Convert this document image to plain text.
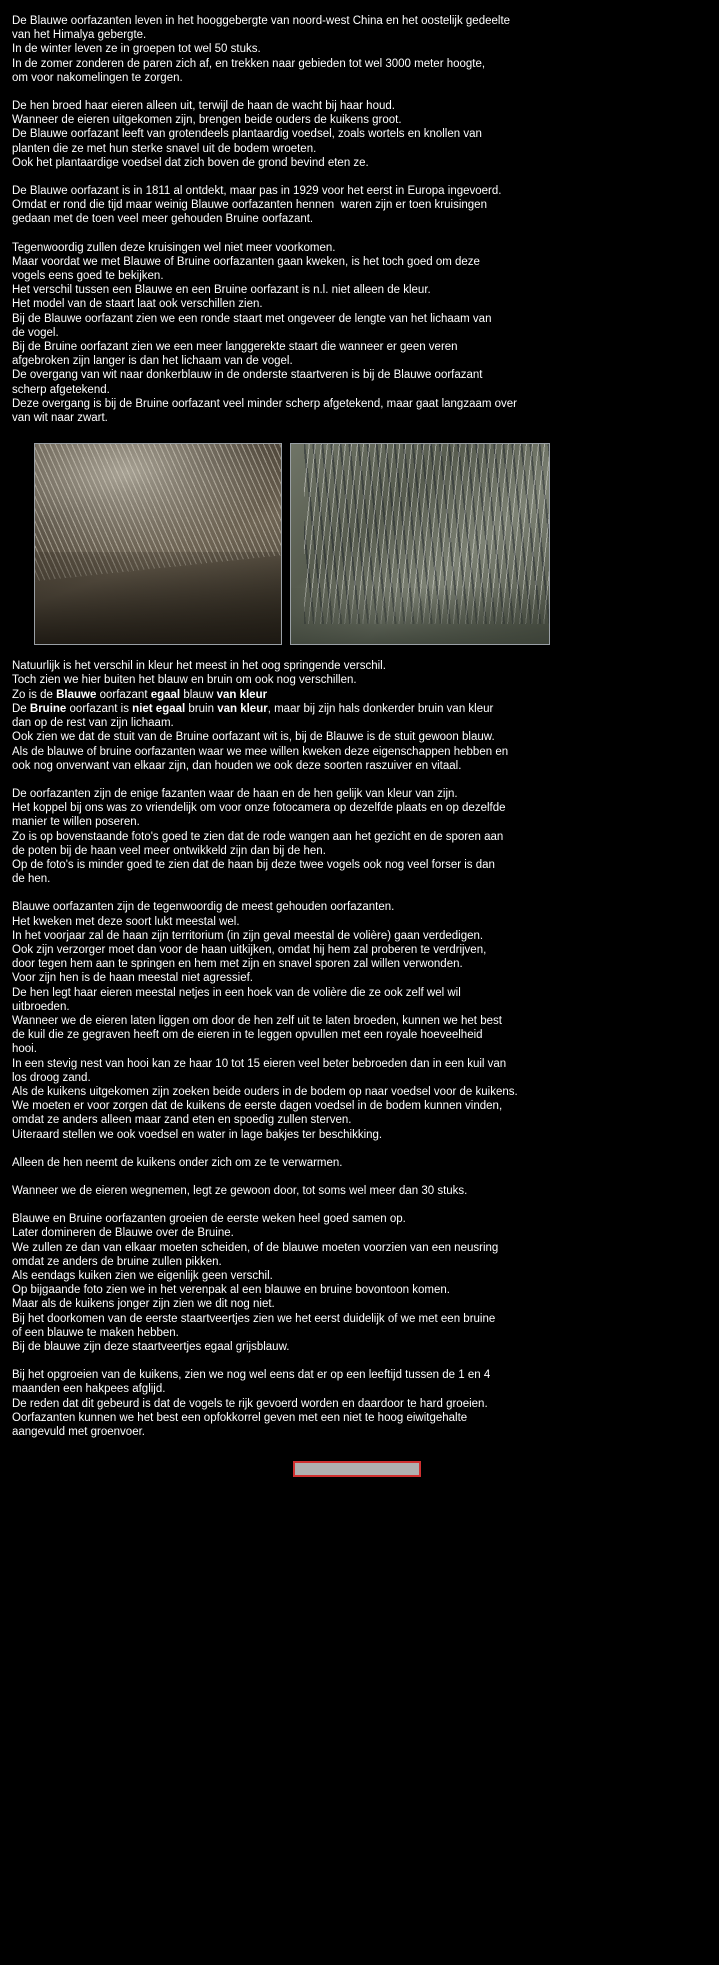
De Blauwe oorfazanten leven in het hooggebergte van noord-west China en het oostelijk gedeelte
van het Himalya gebergte.
In de winter leven ze in groepen tot wel 50 stuks.
In de zomer zonderen de paren zich af, en trekken naar gebieden tot wel 3000 meter hoogte,
om voor nakomelingen te zorgen.
De hen broed haar eieren alleen uit, terwijl de haan de wacht bij haar houd.
Wanneer de eieren uitgekomen zijn, brengen beide ouders de kuikens groot.
De Blauwe oorfazant leeft van grotendeels plantaardig voedsel, zoals wortels en knollen van
planten die ze met hun sterke snavel uit de bodem wroeten.
Ook het plantaardige voedsel dat zich boven de grond bevind eten ze.
De Blauwe oorfazant is in 1811 al ontdekt, maar pas in 1929 voor het eerst in Europa ingevoerd.
Omdat er rond die tijd maar weinig Blauwe oorfazanten hennen  waren zijn er toen kruisingen
gedaan met de toen veel meer gehouden Bruine oorfazant.
Tegenwoordig zullen deze kruisingen wel niet meer voorkomen.
Maar voordat we met Blauwe of Bruine oorfazanten gaan kweken, is het toch goed om deze
vogels eens goed te bekijken.
Het verschil tussen een Blauwe en een Bruine oorfazant is n.l. niet alleen de kleur.
Het model van de staart laat ook verschillen zien.
Bij de Blauwe oorfazant zien we een ronde staart met ongeveer de lengte van het lichaam van
de vogel.
Bij de Bruine oorfazant zien we een meer langgerekte staart die wanneer er geen veren
afgebroken zijn langer is dan het lichaam van de vogel.
De overgang van wit naar donkerblauw in de onderste staartveren is bij de Blauwe oorfazant
scherp afgetekend.
Deze overgang is bij de Bruine oorfazant veel minder scherp afgetekend, maar gaat langzaam over
van wit naar zwart.
Natuurlijk is het verschil in kleur het meest in het oog springende verschil.
Toch zien we hier buiten het blauw en bruin om ook nog verschillen.
Zo is de Blauwe oorfazant egaal blauw van kleur
De Bruine oorfazant is niet egaal bruin van kleur, maar bij zijn hals donkerder bruin van kleur
dan op de rest van zijn lichaam.
Ook zien we dat de stuit van de Bruine oorfazant wit is, bij de Blauwe is de stuit gewoon blauw.
Als de blauwe of bruine oorfazanten waar we mee willen kweken deze eigenschappen hebben en
ook nog onverwant van elkaar zijn, dan houden we ook deze soorten raszuiver en vitaal.
De oorfazanten zijn de enige fazanten waar de haan en de hen gelijk van kleur van zijn.
Het koppel bij ons was zo vriendelijk om voor onze fotocamera op dezelfde plaats en op dezelfde
manier te willen poseren.
Zo is op bovenstaande foto's goed te zien dat de rode wangen aan het gezicht en de sporen aan
de poten bij de haan veel meer ontwikkeld zijn dan bij de hen.
Op de foto's is minder goed te zien dat de haan bij deze twee vogels ook nog veel forser is dan
de hen.
Blauwe oorfazanten zijn de tegenwoordig de meest gehouden oorfazanten.
Het kweken met deze soort lukt meestal wel.
In het voorjaar zal de haan zijn territorium (in zijn geval meestal de volière) gaan verdedigen.
Ook zijn verzorger moet dan voor de haan uitkijken, omdat hij hem zal proberen te verdrijven,
door tegen hem aan te springen en hem met zijn en snavel sporen zal willen verwonden.
Voor zijn hen is de haan meestal niet agressief.
De hen legt haar eieren meestal netjes in een hoek van de volière die ze ook zelf wel wil
uitbroeden.
Wanneer we de eieren laten liggen om door de hen zelf uit te laten broeden, kunnen we het best
de kuil die ze gegraven heeft om de eieren in te leggen opvullen met een royale hoeveelheid
hooi.
In een stevig nest van hooi kan ze haar 10 tot 15 eieren veel beter bebroeden dan in een kuil van
los droog zand.
Als de kuikens uitgekomen zijn zoeken beide ouders in de bodem op naar voedsel voor de kuikens.
We moeten er voor zorgen dat de kuikens de eerste dagen voedsel in de bodem kunnen vinden,
omdat ze anders alleen maar zand eten en spoedig zullen sterven.
Uiteraard stellen we ook voedsel en water in lage bakjes ter beschikking.
Alleen de hen neemt de kuikens onder zich om ze te verwarmen.
Wanneer we de eieren wegnemen, legt ze gewoon door, tot soms wel meer dan 30 stuks.
Blauwe en Bruine oorfazanten groeien de eerste weken heel goed samen op.
Later domineren de Blauwe over de Bruine.
We zullen ze dan van elkaar moeten scheiden, of de blauwe moeten voorzien van een neusring
omdat ze anders de bruine zullen pikken.
Als eendags kuiken zien we eigenlijk geen verschil.
Op bijgaande foto zien we in het verenpak al een blauwe en bruine bovontoon komen.
Maar als de kuikens jonger zijn zien we dit nog niet.
Bij het doorkomen van de eerste staartveertjes zien we het eerst duidelijk of we met een bruine
of een blauwe te maken hebben.
Bij de blauwe zijn deze staartveertjes egaal grijsblauw.
Bij het opgroeien van de kuikens, zien we nog wel eens dat er op een leeftijd tussen de 1 en 4
maanden een hakpees afglijd.
De reden dat dit gebeurd is dat de vogels te rijk gevoerd worden en daardoor te hard groeien.
Oorfazanten kunnen we het best een opfokkorrel geven met een niet te hoog eiwitgehalte
aangevuld met groenvoer.
